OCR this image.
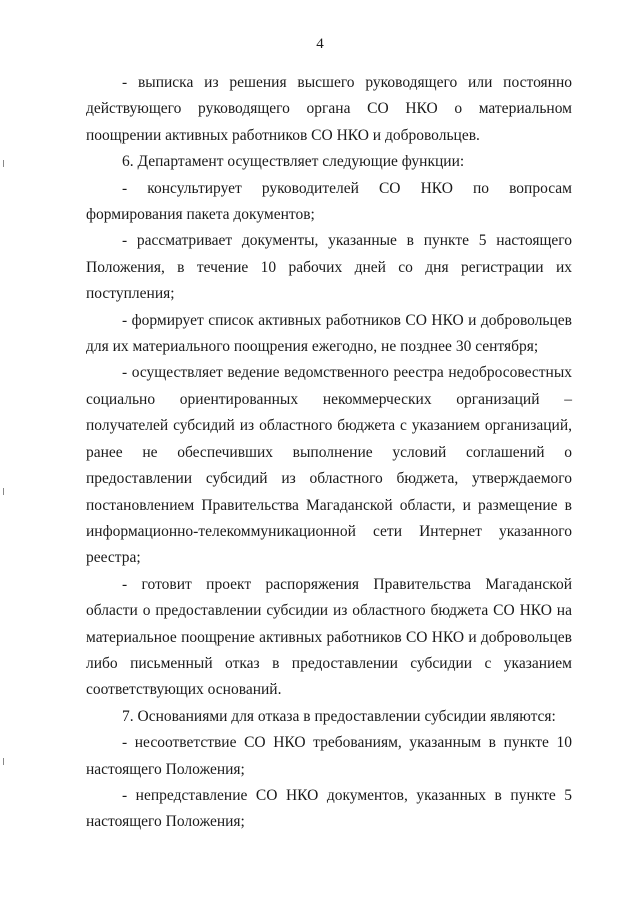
4

- выписка из решения высшего руководящего или постоянно действующего руководящего органа СО НКО о материальном поощрении активных работников СО НКО и добровольцев.

6. Департамент осуществляет следующие функции:

- консультирует руководителей СО НКО по вопросам формирования пакета документов;

- рассматривает документы, указанные в пункте 5 настоящего Положения, в течение 10 рабочих дней со дня регистрации их поступления;

- формирует список активных работников СО НКО и добровольцев для их материального поощрения ежегодно, не позднее 30 сентября;

- осуществляет ведение ведомственного реестра недобросовестных социально ориентированных некоммерческих организаций – получателей субсидий из областного бюджета с указанием организаций, ранее не обеспечивших выполнение условий соглашений о предоставлении субсидий из областного бюджета, утверждаемого постановлением Правительства Магаданской области, и размещение в информационно-телекоммуникационной сети Интернет указанного реестра;

- готовит проект распоряжения Правительства Магаданской области о предоставлении субсидии из областного бюджета СО НКО на материальное поощрение активных работников СО НКО и добровольцев либо письменный отказ в предоставлении субсидии с указанием соответствующих оснований.

7. Основаниями для отказа в предоставлении субсидии являются:

- несоответствие СО НКО требованиям, указанным в пункте 10 настоящего Положения;

- непредставление СО НКО документов, указанных в пункте 5 настоящего Положения;
